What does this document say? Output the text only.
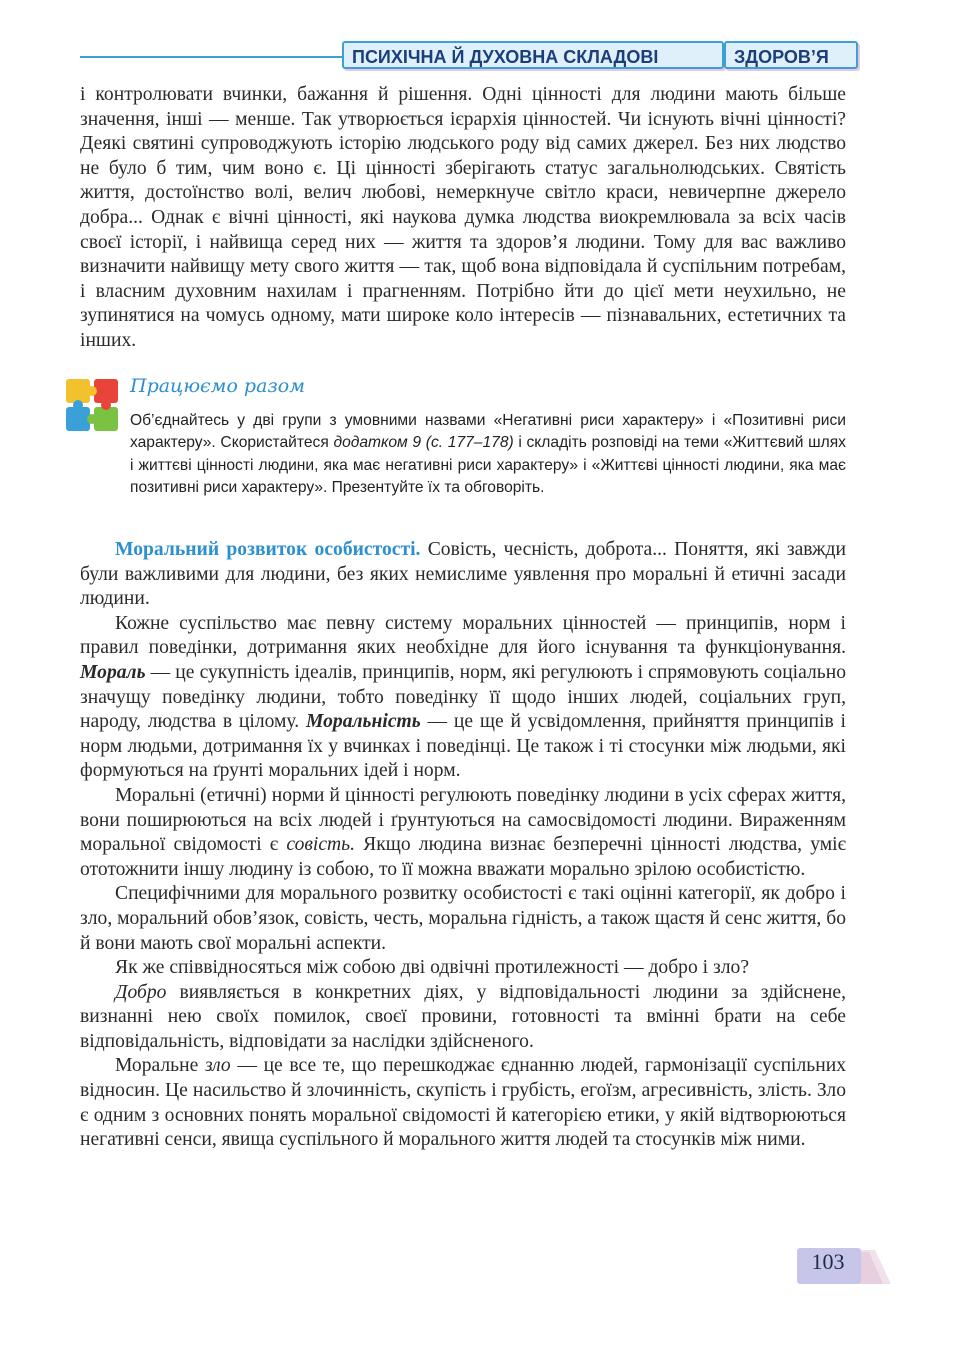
ПСИХІЧНА Й ДУХОВНА СКЛАДОВІ	ЗДОРОВ’Я

і контролювати вчинки, бажання й рішення. Одні цінності для людини мають більше значення, інші — менше. Так утворюється ієрархія цінностей. Чи існують вічні цінності? Деякі святині супроводжують історію людського роду від самих джерел. Без них людство не було б тим, чим воно є. Ці цінності зберігають статус загальнолюдських. Святість життя, достоїнство волі, велич любові, немеркнуче світло краси, невичерпне джерело добра... Однак є вічні цінності, які наукова думка людства виокремлювала за всіх часів своєї історії, і найвища серед них — життя та здоров’я людини. Тому для вас важливо визначити найвищу мету свого життя — так, щоб вона відповідала й суспільним потребам, і власним духовним нахилам і прагненням. Потрібно йти до цієї мети неухильно, не зупинятися на чомусь одному, мати широке коло інтересів — пізнавальних, естетичних та інших.

Працюємо разом
Об’єднайтесь у дві групи з умовними назвами «Негативні риси характеру» і «Позитивні риси характеру». Скористайтеся додатком 9 (с. 177–178) і складіть розповіді на теми «Життєвий шлях і життєві цінності людини, яка має негативні риси характеру» і «Життєві цінності людини, яка має позитивні риси характеру». Презентуйте їх та обговоріть.

Моральний розвиток особистості. Совість, чесність, доброта... Поняття, які завжди були важливими для людини, без яких немислиме уявлення про моральні й етичні засади людини.

Кожне суспільство має певну систему моральних цінностей — принципів, норм і правил поведінки, дотримання яких необхідне для його існування та функціонування. Мораль — це сукупність ідеалів, принципів, норм, які регулюють і спрямовують соціально значущу поведінку людини, тобто поведінку її щодо інших людей, соціальних груп, народу, людства в цілому. Моральність — це ще й усвідомлення, прийняття принципів і норм людьми, дотримання їх у вчинках і поведінці. Це також і ті стосунки між людьми, які формуються на ґрунті моральних ідей і норм.

Моральні (етичні) норми й цінності регулюють поведінку людини в усіх сферах життя, вони поширюються на всіх людей і ґрунтуються на самосвідомості людини. Вираженням моральної свідомості є совість. Якщо людина визнає безперечні цінності людства, уміє ототожнити іншу людину із собою, то її можна вважати морально зрілою особистістю.

Специфічними для морального розвитку особистості є такі оцінні категорії, як добро і зло, моральний обов’язок, совість, честь, моральна гідність, а також щастя й сенс життя, бо й вони мають свої моральні аспекти.

Як же співвідносяться між собою дві одвічні протилежності — добро і зло?

Добро виявляється в конкретних діях, у відповідальності людини за здійснене, визнанні нею своїх помилок, своєї провини, готовності та вмінні брати на себе відповідальність, відповідати за наслідки здійсненого.

Моральне зло — це все те, що перешкоджає єднанню людей, гармонізації суспільних відносин. Це насильство й злочинність, скупість і грубість, егоїзм, агресивність, злість. Зло є одним з основних понять моральної свідомості й категорією етики, у якій відтворюються негативні сенси, явища суспільного й морального життя людей та стосунків між ними.

103
